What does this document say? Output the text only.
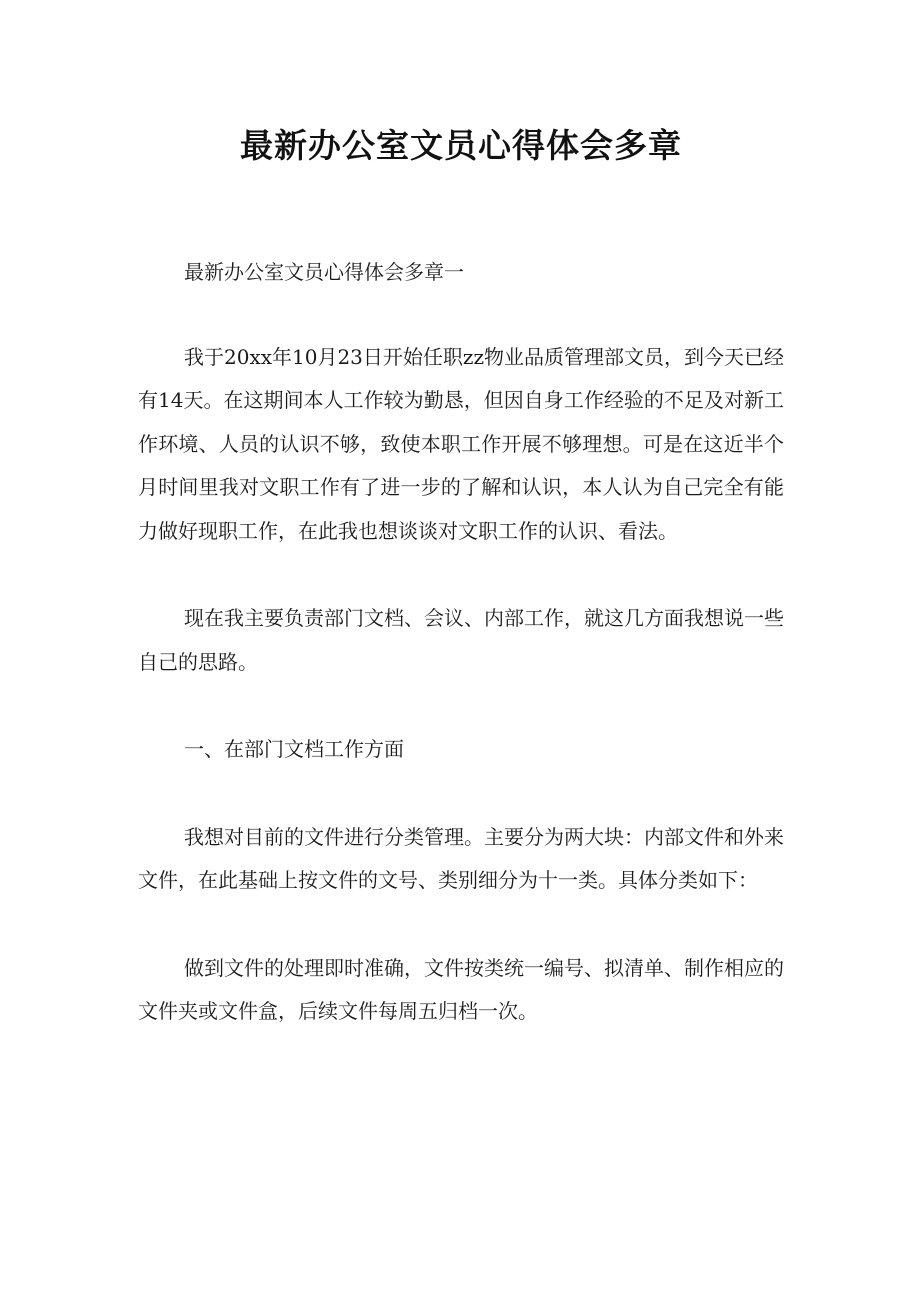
最新办公室文员心得体会多章

最新办公室文员心得体会多章一

我于20xx年10月23日开始任职zz物业品质管理部文员，到今天已经有14天。在这期间本人工作较为勤恳，但因自身工作经验的不足及对新工作环境、人员的认识不够，致使本职工作开展不够理想。可是在这近半个月时间里我对文职工作有了进一步的了解和认识，本人认为自己完全有能力做好现职工作，在此我也想谈谈对文职工作的认识、看法。

现在我主要负责部门文档、会议、内部工作，就这几方面我想说一些自己的思路。

一、在部门文档工作方面

我想对目前的文件进行分类管理。主要分为两大块：内部文件和外来文件，在此基础上按文件的文号、类别细分为十一类。具体分类如下：

做到文件的处理即时准确，文件按类统一编号、拟清单、制作相应的文件夹或文件盒，后续文件每周五归档一次。
